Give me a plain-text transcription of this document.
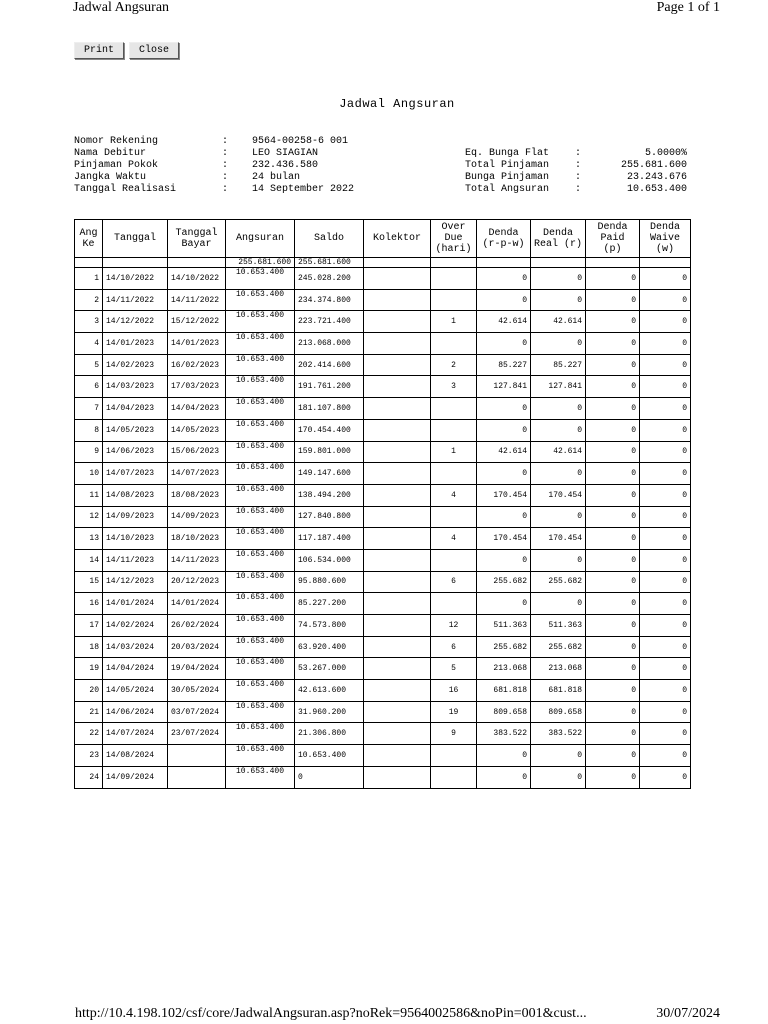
Jadwal Angsuran	Page 1 of 1
Print	Close
Jadwal Angsuran
Nomor Rekening	:	9564-00258-6 001
Nama Debitur	:	LEO SIAGIAN
Pinjaman Pokok	:	232.436.580
Jangka Waktu	:	24 bulan
Tanggal Realisasi	:	14 September 2022
Eq. Bunga Flat	:	5.0000%
Total Pinjaman	:	255.681.600
Bunga Pinjaman	:	23.243.676
Total Angsuran	:	10.653.400
Ang Ke	Tanggal	Tanggal Bayar	Angsuran	Saldo	Kolektor	Over Due (hari)	Denda (r-p-w)	Denda Real (r)	Denda Paid (p)	Denda Waive (w)
			255.681.600	255.681.600						
1	14/10/2022	14/10/2022	10.653.400	245.028.200			0	0	0	0
2	14/11/2022	14/11/2022	10.653.400	234.374.800			0	0	0	0
3	14/12/2022	15/12/2022	10.653.400	223.721.400		1	42.614	42.614	0	0
4	14/01/2023	14/01/2023	10.653.400	213.068.000			0	0	0	0
5	14/02/2023	16/02/2023	10.653.400	202.414.600		2	85.227	85.227	0	0
6	14/03/2023	17/03/2023	10.653.400	191.761.200		3	127.841	127.841	0	0
7	14/04/2023	14/04/2023	10.653.400	181.107.800			0	0	0	0
8	14/05/2023	14/05/2023	10.653.400	170.454.400			0	0	0	0
9	14/06/2023	15/06/2023	10.653.400	159.801.000		1	42.614	42.614	0	0
10	14/07/2023	14/07/2023	10.653.400	149.147.600			0	0	0	0
11	14/08/2023	18/08/2023	10.653.400	138.494.200		4	170.454	170.454	0	0
12	14/09/2023	14/09/2023	10.653.400	127.840.800			0	0	0	0
13	14/10/2023	18/10/2023	10.653.400	117.187.400		4	170.454	170.454	0	0
14	14/11/2023	14/11/2023	10.653.400	106.534.000			0	0	0	0
15	14/12/2023	20/12/2023	10.653.400	95.880.600		6	255.682	255.682	0	0
16	14/01/2024	14/01/2024	10.653.400	85.227.200			0	0	0	0
17	14/02/2024	26/02/2024	10.653.400	74.573.800		12	511.363	511.363	0	0
18	14/03/2024	20/03/2024	10.653.400	63.920.400		6	255.682	255.682	0	0
19	14/04/2024	19/04/2024	10.653.400	53.267.000		5	213.068	213.068	0	0
20	14/05/2024	30/05/2024	10.653.400	42.613.600		16	681.818	681.818	0	0
21	14/06/2024	03/07/2024	10.653.400	31.960.200		19	809.658	809.658	0	0
22	14/07/2024	23/07/2024	10.653.400	21.306.800		9	383.522	383.522	0	0
23	14/08/2024		10.653.400	10.653.400			0	0	0	0
24	14/09/2024		10.653.400	0			0	0	0	0
http://10.4.198.102/csf/core/JadwalAngsuran.asp?noRek=9564002586&noPin=001&cust...	30/07/2024
